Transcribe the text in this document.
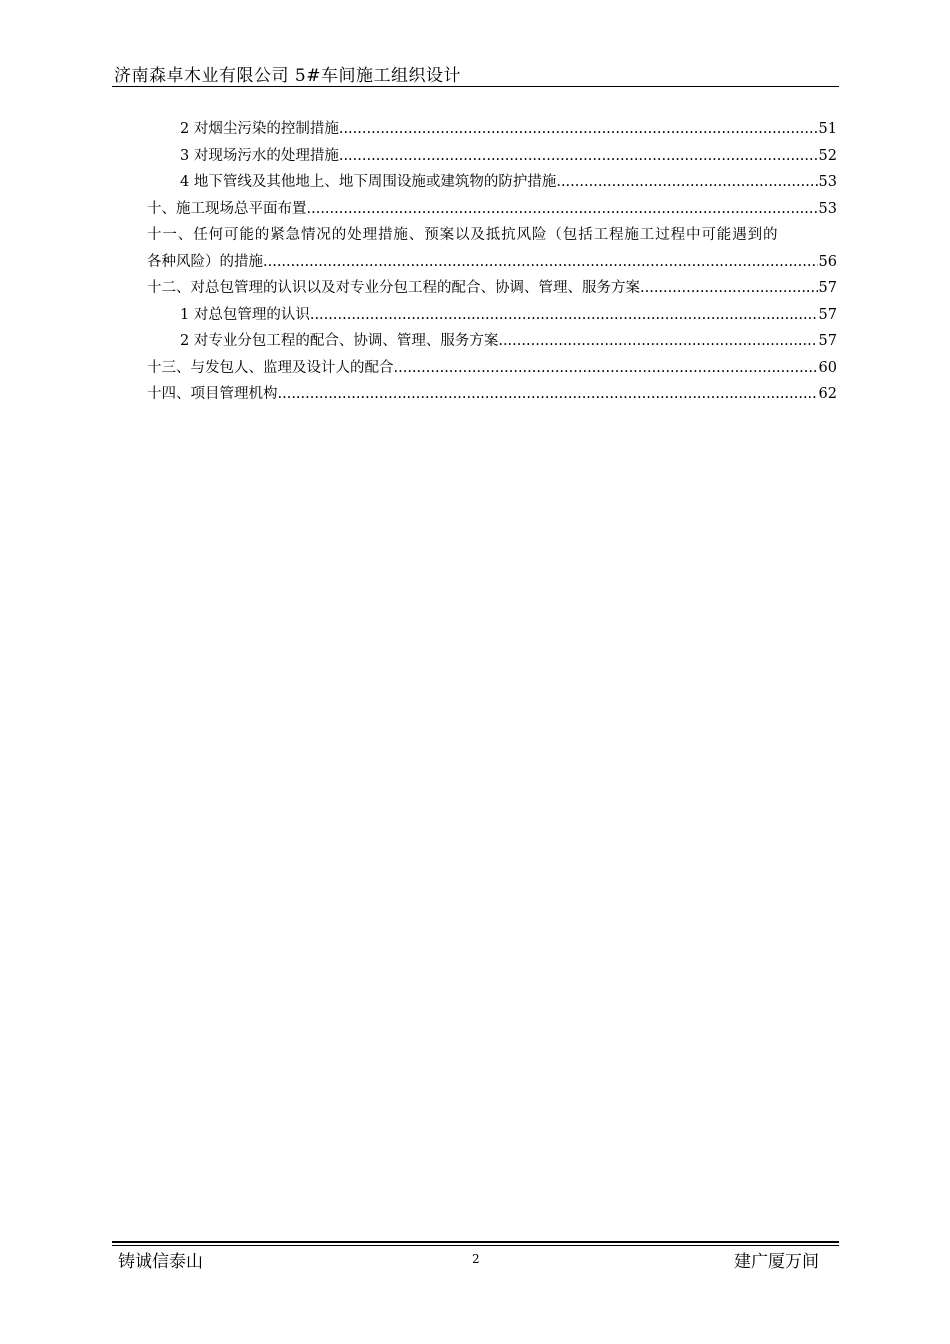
济南森卓木业有限公司 5#车间施工组织设计
2 对烟尘污染的控制措施 .....	51
3 对现场污水的处理措施 .....	52
4 地下管线及其他地上、地下周围设施或建筑物的防护措施 .....	53
十、施工现场总平面布置 .....	53
十一、任何可能的紧急情况的处理措施、预案以及抵抗风险（包括工程施工过程中可能遇到的
各种风险）的措施 .....	56
十二、对总包管理的认识以及对专业分包工程的配合、协调、管理、服务方案 .....	57
1 对总包管理的认识 .....	57
2 对专业分包工程的配合、协调、管理、服务方案 .....	57
十三、与发包人、监理及设计人的配合 .....	60
十四、项目管理机构 .....	62
铸诚信泰山	2	建广厦万间
